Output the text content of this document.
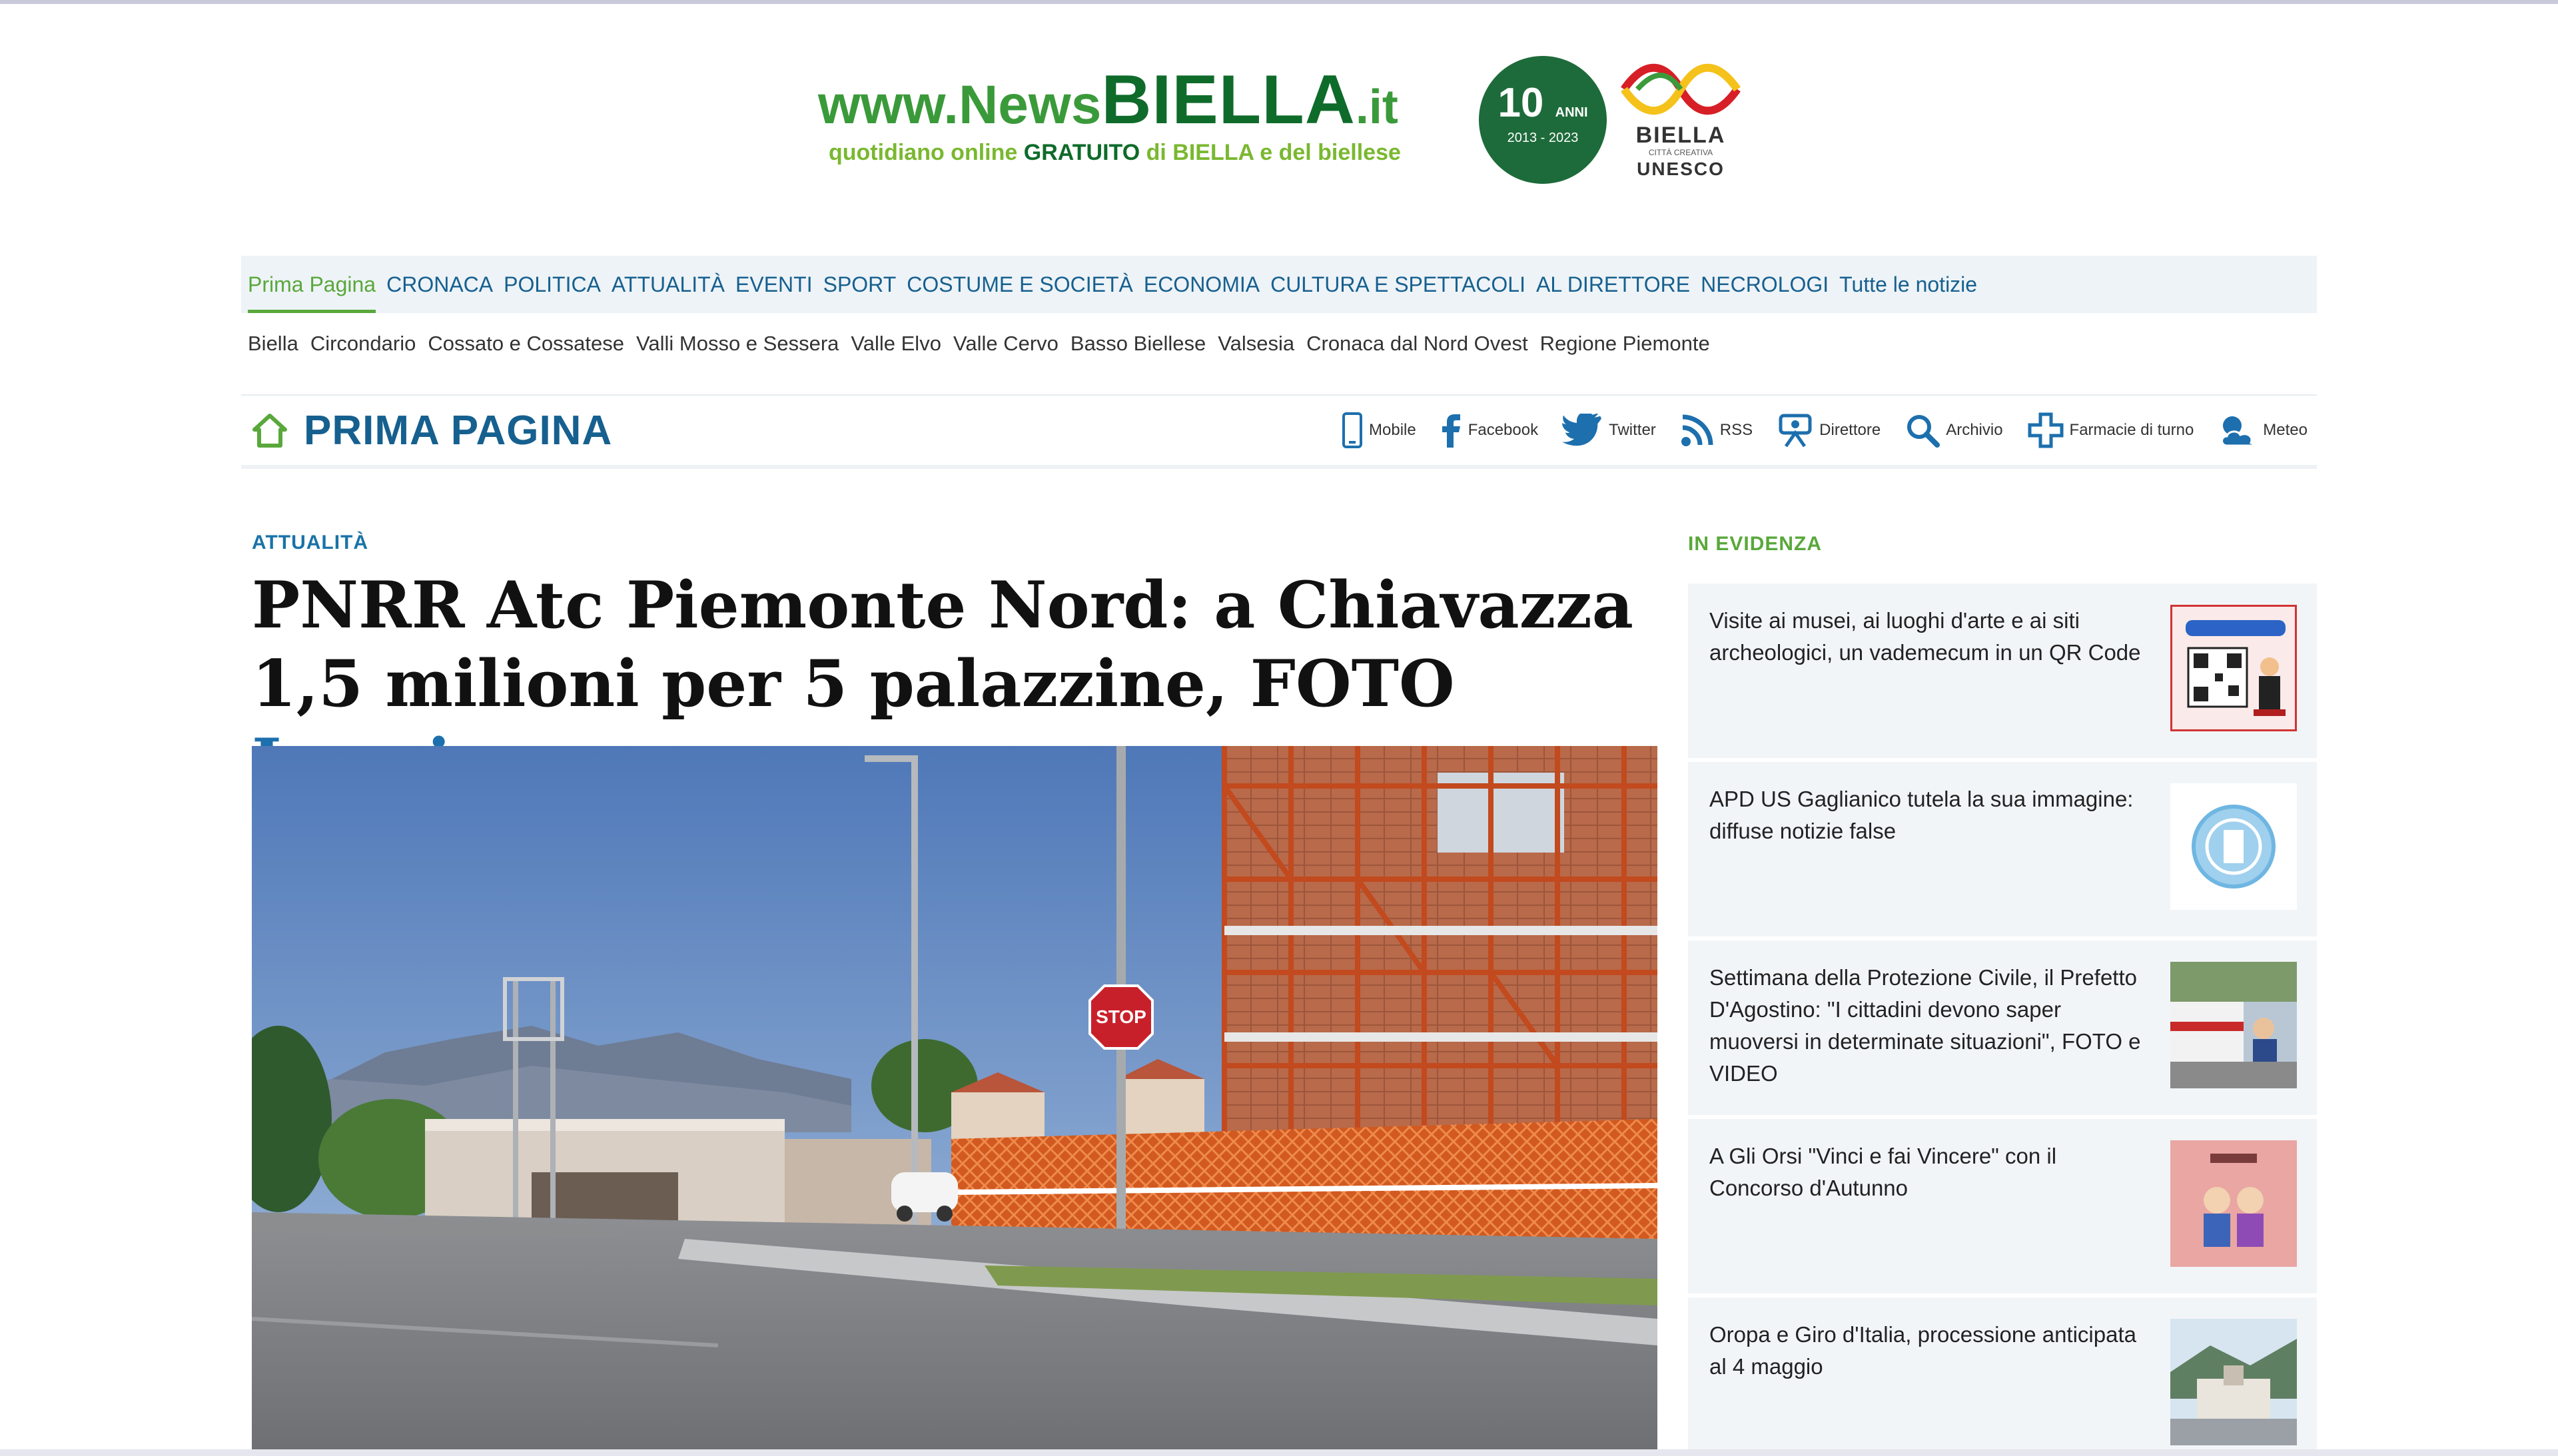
www.NewsBIELLA.it
quotidiano online GRATUITO di BIELLA e del biellese
10 ANNI
2013 - 2023	BIELLA
CITTÀ CREATIVA
UNESCO
Prima Pagina CRONACA POLITICA ATTUALITÀ EVENTI SPORT COSTUME E SOCIETÀ ECONOMIA CULTURA E SPETTACOLI AL DIRETTORE NECROLOGI Tutte le notizie
Biella Circondario Cossato e Cossatese Valli Mosso e Sessera Valle Elvo Valle Cervo Basso Biellese Valsesia Cronaca dal Nord Ovest Regione Piemonte
PRIMA PAGINA	Mobile	Facebook	Twitter	RSS	Direttore	Archivio	Farmacie di turno	Meteo
ATTUALITÀ
PNRR Atc Piemonte Nord: a Chiavazza 1,5 milioni per 5 palazzine, FOTO
STOP
IN EVIDENZA
Visite ai musei, ai luoghi d'arte e ai siti archeologici, un vademecum in un QR Code
APD US Gaglianico tutela la sua immagine: diffuse notizie false
Settimana della Protezione Civile, il Prefetto D'Agostino: "I cittadini devono saper muoversi in determinate situazioni", FOTO e VIDEO
A Gli Orsi "Vinci e fai Vincere" con il Concorso d'Autunno
Oropa e Giro d'Italia, processione anticipata al 4 maggio
